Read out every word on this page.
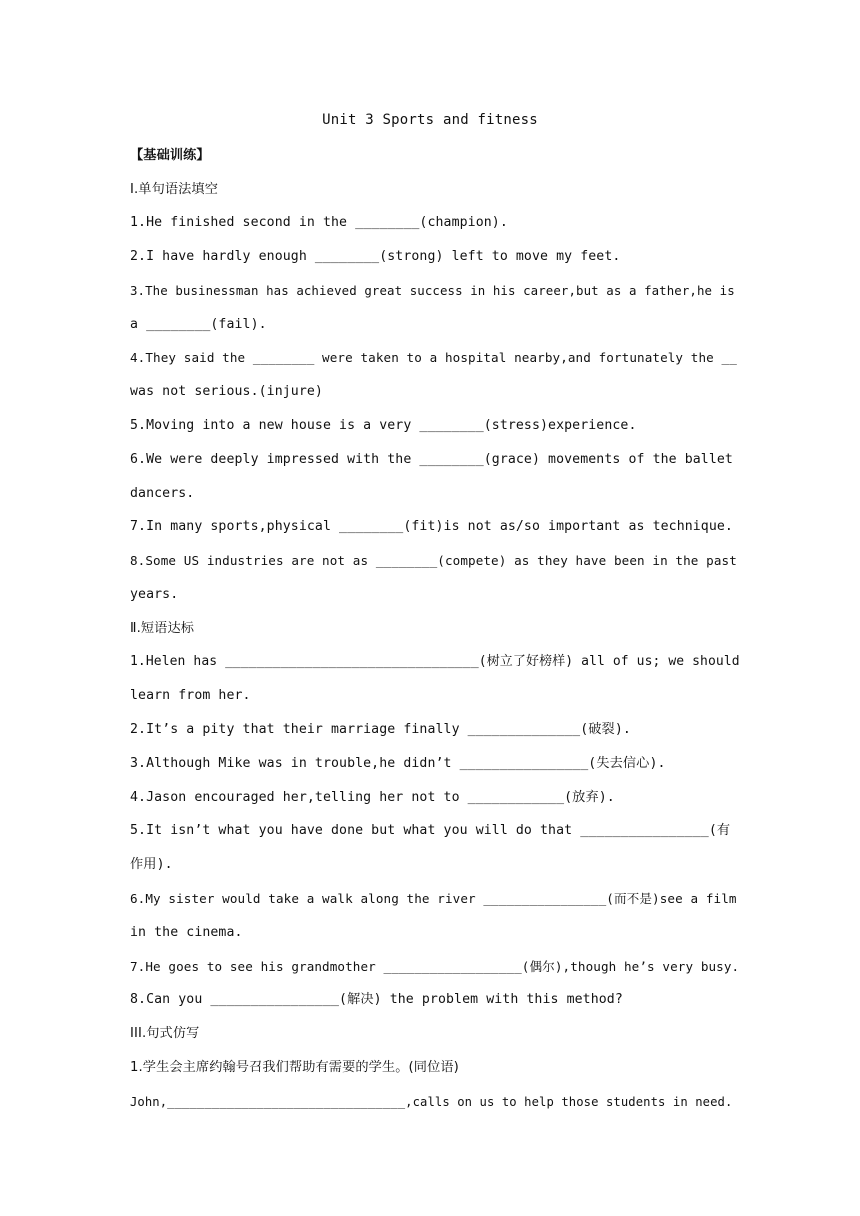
Unit 3 Sports and fitness
【基础训练】
Ⅰ.单句语法填空
1.He finished second in the ________(champion).
2.I have hardly enough ________(strong) left to move my feet.
3.The businessman has achieved great success in his career,but as a father,he is
a ________(fail).
4.They said the ________ were taken to a hospital nearby,and fortunately the __
was not serious.(injure)
5.Moving into a new house is a very ________(stress)experience.
6.We were deeply impressed with the ________(grace) movements of the ballet
dancers.
7.In many sports,physical ________(fit)is not as/so important as technique.
8.Some US industries are not as ________(compete) as they have been in the past
years.
Ⅱ.短语达标
1.Helen has ________________________________(树立了好榜样) all of us; we should
learn from her.
2.It’s a pity that their marriage finally ______________(破裂).
3.Although Mike was in trouble,he didn’t ________________(失去信心).
4.Jason encouraged her,telling her not to ____________(放弃).
5.It isn’t what you have done but what you will do that ________________(有
作用).
6.My sister would take a walk along the river ________________(而不是)see a film
in the cinema.
7.He goes to see his grandmother __________________(偶尔),though he’s very busy.
8.Can you ________________(解决) the problem with this method?
III.句式仿写
1.学生会主席约翰号召我们帮助有需要的学生。(同位语)
John,________________________________,calls on us to help those students in need.
